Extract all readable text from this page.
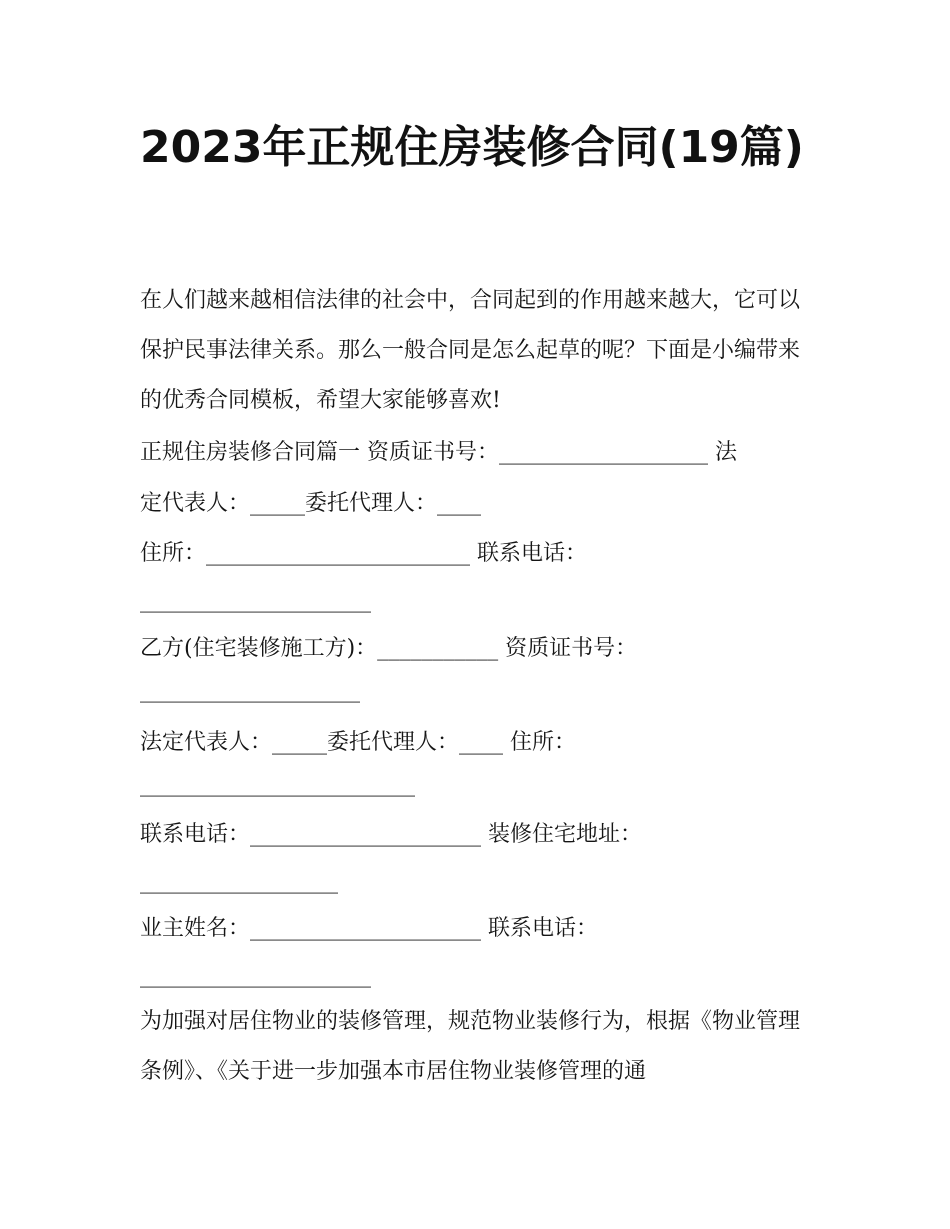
2023年正规住房装修合同(19篇)

在人们越来越相信法律的社会中，合同起到的作用越来越大，它可以保护民事法律关系。那么一般合同是怎么起草的呢？下面是小编带来的优秀合同模板，希望大家能够喜欢!

正规住房装修合同篇一 资质证书号：___________________ 法
定代表人：_____委托代理人：____
住所：________________________ 联系电话：
_____________________
乙方(住宅装修施工方)：___________ 资质证书号：
____________________
法定代表人：_____委托代理人：____ 住所：
_________________________
联系电话：_____________________ 装修住宅地址：
__________________
业主姓名：_____________________ 联系电话：
_____________________

为加强对居住物业的装修管理，规范物业装修行为，根据《物业管理条例》、《关于进一步加强本市居住物业装修管理的通
